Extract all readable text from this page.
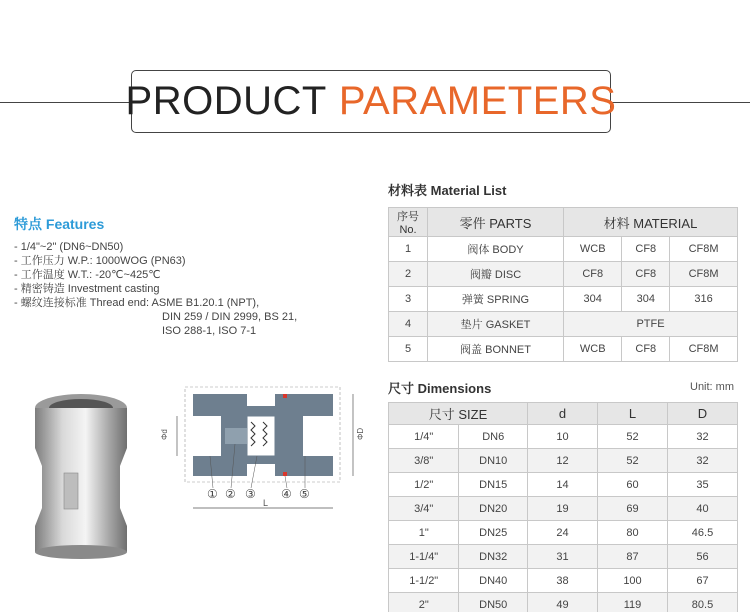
PRODUCT PARAMETERS
特点 Features
- 1/4"~2" (DN6~DN50)
- 工作压力 W.P.: 1000WOG (PN63)
- 工作温度 W.T.: -20℃~425℃
- 精密铸造 Investment casting
- 螺纹连接标准 Thread end: ASME B1.20.1 (NPT),
DIN 259 / DIN 2999, BS 21,
ISO 288-1, ISO 7-1
材料表 Material List
序号No.	零件 PARTS	材料 MATERIAL		
1	阀体 BODY	WCB	CF8	CF8M
2	阀瓣 DISC	CF8	CF8	CF8M
3	弹簧 SPRING	304	304	316
4	垫片 GASKET	PTFE		
5	阀盖 BONNET	WCB	CF8	CF8M
尺寸 Dimensions	Unit: mm
尺寸 SIZE		d	L	D
1/4"	DN6	10	52	32
3/8"	DN10	12	52	32
1/2"	DN15	14	60	35
3/4"	DN20	19	69	40
1"	DN25	24	80	46.5
1-1/4"	DN32	31	87	56
1-1/2"	DN40	38	100	67
2"	DN50	49	119	80.5
Φd	ΦD
L
① ② ③ ④ ⑤
